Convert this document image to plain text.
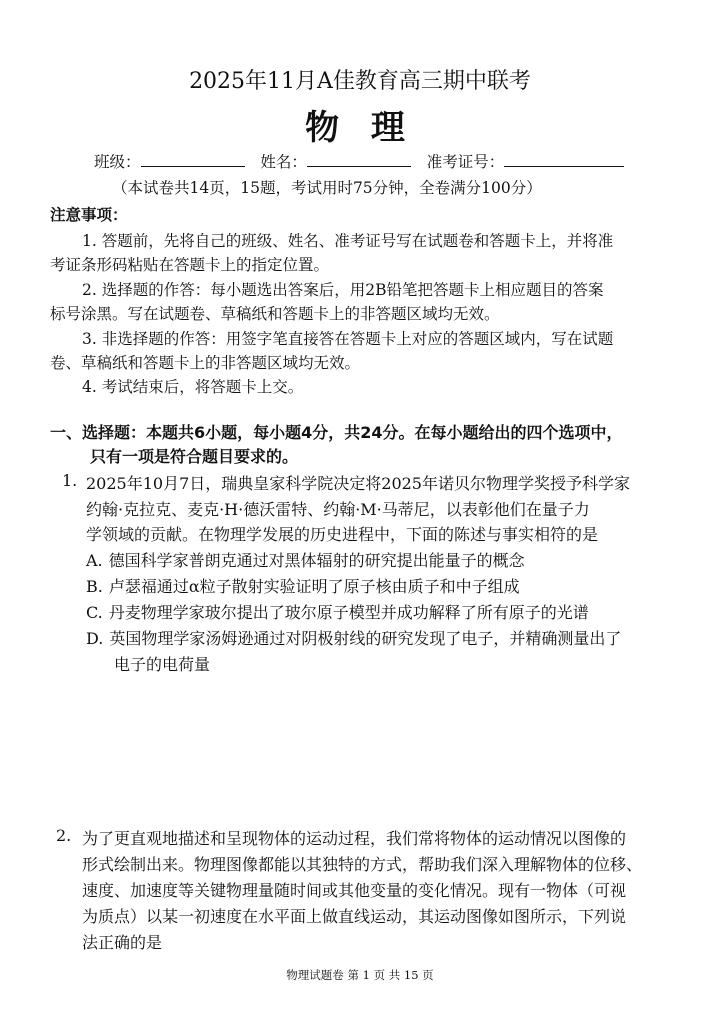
2025年11月A佳教育高三期中联考
物 理
班级：	姓名：	准考证号：
（本试卷共14页，15题，考试用时75分钟，全卷满分100分）
注意事项：
1. 答题前，先将自己的班级、姓名、准考证号写在试题卷和答题卡上，并将准
考证条形码粘贴在答题卡上的指定位置。
2. 选择题的作答：每小题选出答案后，用2B铅笔把答题卡上相应题目的答案
标号涂黑。写在试题卷、草稿纸和答题卡上的非答题区域均无效。
3. 非选择题的作答：用签字笔直接答在答题卡上对应的答题区域内，写在试题
卷、草稿纸和答题卡上的非答题区域均无效。
4. 考试结束后，将答题卡上交。
一、选择题：本题共6小题，每小题4分，共24分。在每小题给出的四个选项中，
只有一项是符合题目要求的。
1. 2025年10月7日，瑞典皇家科学院决定将2025年诺贝尔物理学奖授予科学家
约翰·克拉克、麦克·H·德沃雷特、约翰·M·马蒂尼，以表彰他们在量子力
学领域的贡献。在物理学发展的历史进程中，下面的陈述与事实相符的是
A. 德国科学家普朗克通过对黑体辐射的研究提出能量子的概念
B. 卢瑟福通过α粒子散射实验证明了原子核由质子和中子组成
C. 丹麦物理学家玻尔提出了玻尔原子模型并成功解释了所有原子的光谱
D. 英国物理学家汤姆逊通过对阴极射线的研究发现了电子，并精确测量出了
电子的电荷量
2. 为了更直观地描述和呈现物体的运动过程，我们常将物体的运动情况以图像的
形式绘制出来。物理图像都能以其独特的方式，帮助我们深入理解物体的位移、
速度、加速度等关键物理量随时间或其他变量的变化情况。现有一物体（可视
为质点）以某一初速度在水平面上做直线运动，其运动图像如图所示，下列说
法正确的是
物理试题卷 第 1 页 共 15 页
